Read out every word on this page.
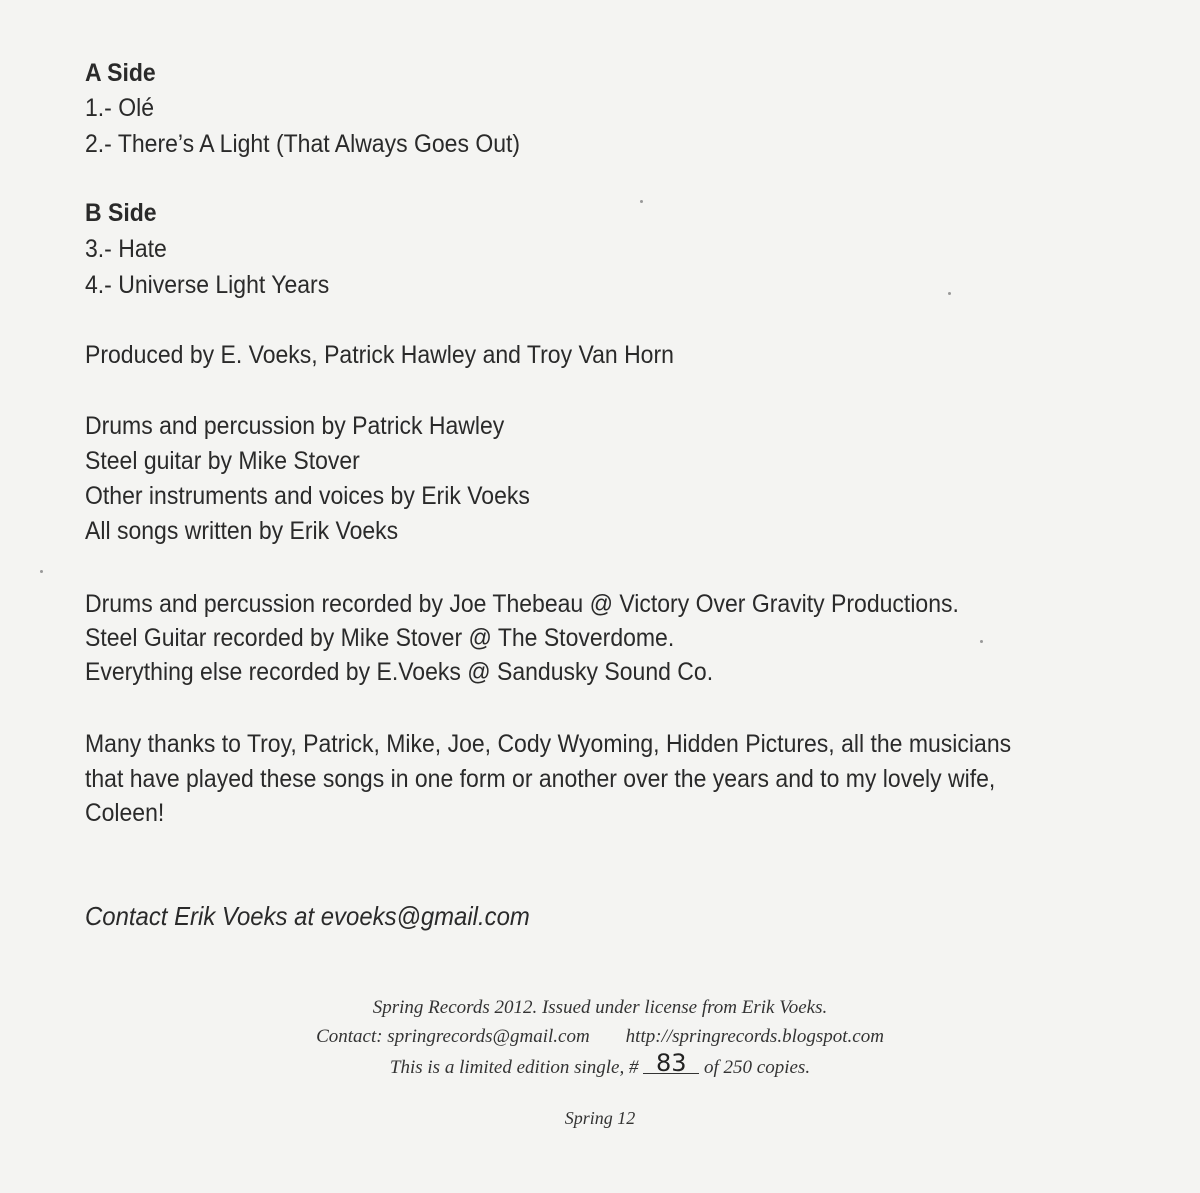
A Side
1.- Olé
2.- There’s A Light (That Always Goes Out)
B Side
3.- Hate
4.- Universe Light Years
Produced by E. Voeks, Patrick Hawley and Troy Van Horn
Drums and percussion by Patrick Hawley
Steel guitar by Mike Stover
Other instruments and voices by Erik Voeks
All songs written by Erik Voeks
Drums and percussion recorded by Joe Thebeau @ Victory Over Gravity Productions.
Steel Guitar recorded by Mike Stover @ The Stoverdome.
Everything else recorded by E.Voeks @ Sandusky Sound Co.
Many thanks to Troy, Patrick, Mike, Joe, Cody Wyoming, Hidden Pictures, all the musicians
that have played these songs in one form or another over the years and to my lovely wife,
Coleen!
Contact Erik Voeks at evoeks@gmail.com
Spring Records 2012. Issued under license from Erik Voeks.
Contact: springrecords@gmail.com http://springrecords.blogspot.com
This is a limited edition single, # 83 of 250 copies.
Spring 12
